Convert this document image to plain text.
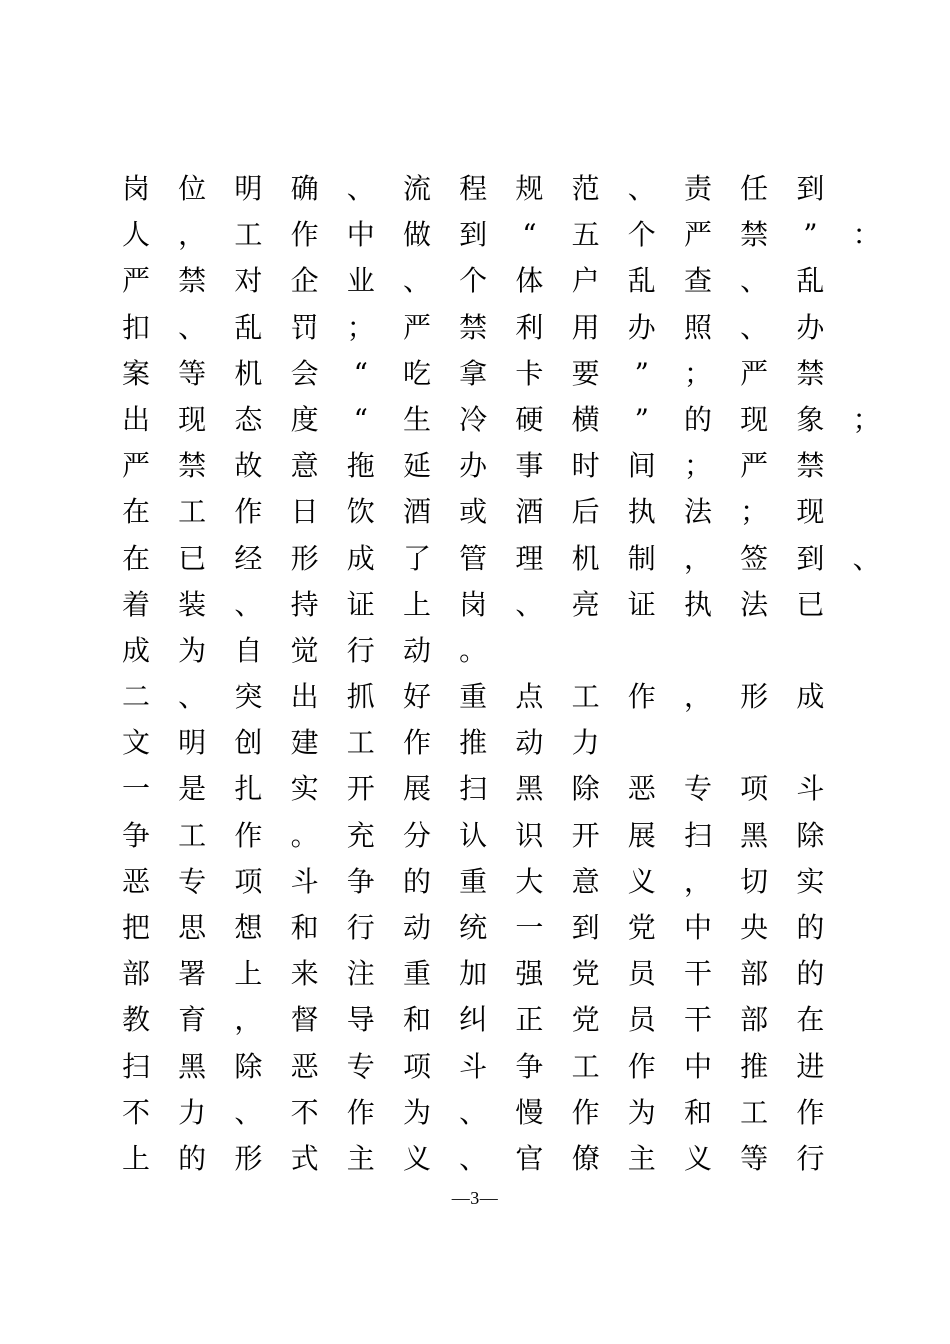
岗 位 明 确 、 流 程 规 范 、 责 任 到
人 ， 工 作 中 做 到	“	五 个 严 禁	”	：
严 禁 对 企 业 、 个 体 户 乱 查 、 乱
扣 、 乱 罚 ； 严 禁 利 用 办 照 、 办
案 等 机 会	“	吃 拿 卡 要	”	； 严 禁
出 现 态 度	“	生 冷 硬 横	”	的 现 象 ；
严 禁 故 意 拖 延 办 事 时 间 ； 严 禁
在 工 作 日 饮 酒 或 酒 后 执 法 ； 现
在 已 经 形 成 了 管 理 机 制 ， 签 到 、
着 装 、 持 证 上 岗 、 亮 证 执 法 已
成 为 自 觉 行 动 。
二 、 突 出 抓 好 重 点 工 作 ， 形 成
文 明 创 建 工 作 推 动 力
一 是 扎 实 开 展 扫 黑 除 恶 专 项 斗
争 工 作 。 充 分 认 识 开 展 扫 黑 除
恶 专 项 斗 争 的 重 大 意 义 ， 切 实
把 思 想 和 行 动 统 一 到 党 中 央 的
部 署 上 来 注 重 加 强 党 员 干 部 的
教 育 ， 督 导 和 纠 正 党 员 干 部 在
扫 黑 除 恶 专 项 斗 争 工 作 中 推 进
不 力 、 不 作 为 、 慢 作 为 和 工 作
上 的 形 式 主 义 、 官 僚 主 义 等 行
—3—
